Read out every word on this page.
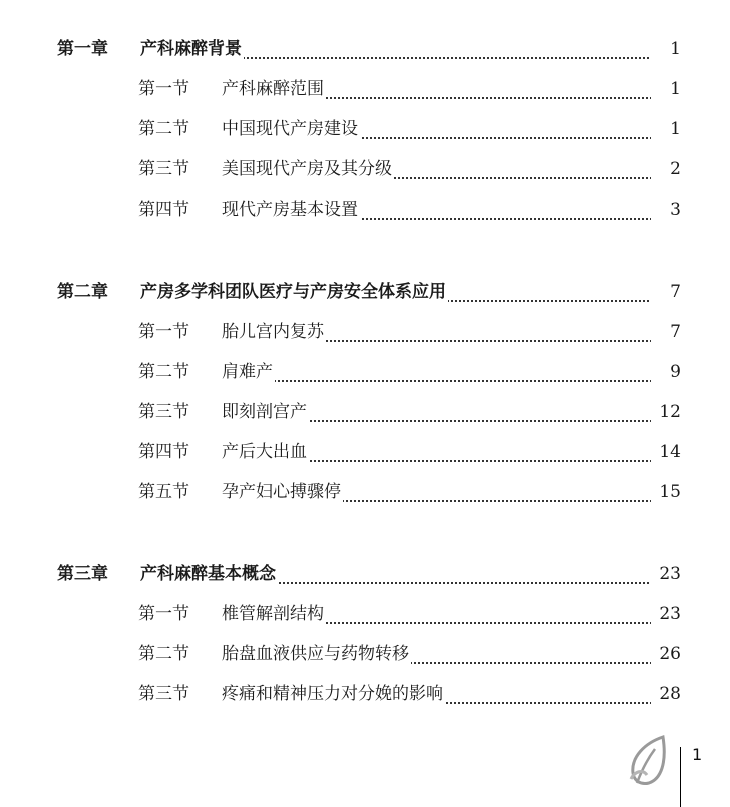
第一章 产科麻醉背景	1
第一节 产科麻醉范围	1
第二节 中国现代产房建设	1
第三节 美国现代产房及其分级	2
第四节 现代产房基本设置	3
第二章 产房多学科团队医疗与产房安全体系应用	7
第一节 胎儿宫内复苏	7
第二节 肩难产	9
第三节 即刻剖宫产	12
第四节 产后大出血	14
第五节 孕产妇心搏骤停	15
第三章 产科麻醉基本概念	23
第一节 椎管解剖结构	23
第二节 胎盘血液供应与药物转移	26
第三节 疼痛和精神压力对分娩的影响	28
1
